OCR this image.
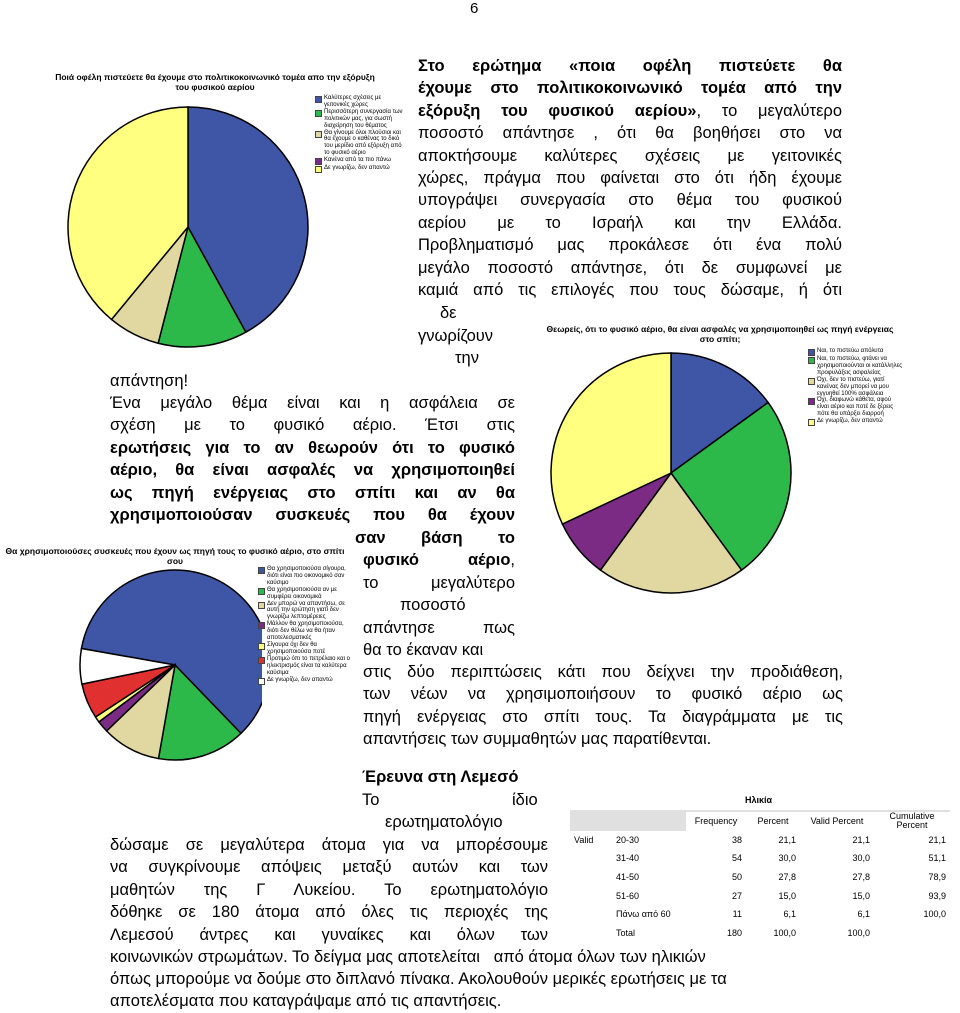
6
Ποιά οφέλη πιστεύετε θα έχουμε στο πολιτικοκοινωνικό τομέα απο την εξόρυξη του φυσικού αερίου
Καλύτερες σχέσεις με γειτονικές χώρες
Περισσότερη συνεργασία των πολιτικών μας, για σωστή διαχείρηση του θέματος
Θα γίνουμε όλοι πλούσιοι και θα έχουμε ο καθένας το δικό του μερίδιο από εξόρυξη από το φυσικό αέριο
Κανένα από τα πιο πάνω
Δε γνωρίζω, δεν απαντώ
Στο ερώτημα «ποια οφέλη πιστεύετε θα
έχουμε στο πολιτικοκοινωνικό τομέα από την
εξόρυξη του φυσικού αερίου», το μεγαλύτερο
ποσοστό απάντησε , ότι θα βοηθήσει στο να
αποκτήσουμε καλύτερες σχέσεις με γειτονικές
χώρες, πράγμα που φαίνεται στο ότι ήδη έχουμε
υπογράψει συνεργασία στο θέμα του φυσικού
αερίου με το Ισραήλ και την Ελλάδα.
Προβληματισμό μας προκάλεσε ότι ένα πολύ
μεγάλο ποσοστό απάντησε, ότι δε συμφωνεί με
καμιά από τις επιλογές που τους δώσαμε, ή ότι
δε
γνωρίζουν
την
απάντηση!
Θεωρείς, ότι το φυσικό αέριο, θα είναι ασφαλές να χρησιμοποιηθεί ως πηγή ενέργειας στο σπίτι;
Ναι, το πιστεύω απόλυτα
Ναι, το πιστεύω, φτάνει να χρησιμοποιούνται οι κατάλληλες προφυλάξεις ασφαλείας
Όχι, δεν το πιστεύω, γιατί κανένας δεν μπορεί να μου εγγυηθεί 100% ασφάλεια
Όχι, διαφωνώ κάθετα, αφού είναι αέριο και ποτέ δε ξέρεις πότε θα υπάρξει διαρροή
Δε γνωρίζω, δεν απαντώ
Ένα μεγάλο θέμα είναι και η ασφάλεια σε
σχέση με το φυσικό αέριο. Έτσι στις
ερωτήσεις για το αν θεωρούν ότι το φυσικό
αέριο, θα είναι ασφαλές να χρησιμοποιηθεί
ως πηγή ενέργειας στο σπίτι και αν θα
χρησιμοποιούσαν συσκευές που θα έχουν
σαν βάση το
φυσικό αέριο,
το μεγαλύτερο
ποσοστό
απάντησε πως
θα το έκαναν και
στις δύο περιπτώσεις κάτι που δείχνει την προδιάθεση,
των νέων να χρησιμοποιήσουν το φυσικό αέριο ως
πηγή ενέργειας στο σπίτι τους. Τα διαγράμματα με τις
απαντήσεις των συμμαθητών μας παρατίθενται.
Θα χρησιμοποιούσες συσκευές που έχουν ως πηγή τους το φυσικό αέριο, στο σπίτι σου
Θα χρησιμοποιούσα σίγουρα, διότι είναι πιο οικονομικό σαν καύσιμο
Θα χρησιμοποιούσα αν με συμφέρει οικονομικά
Δεν μπορώ να απαντήσω, σε αυτή την ερώτηση γιατί δεν γνωρίζω λεπτομέρειες
Μάλλον θα χρησιμοποιούσα, διότι δεν θέλω να θα ήταν αποτελεσματικές
Σίγουρα όχι δεν θα χρησιμοποιούσα ποτέ
Προτιμώ όπι το πετρέλαιο και ο ηλεκτρισμός είναι τα καλύτερα καύσιμα
Δε γνωρίζω, δεν απαντώ
Έρευνα στη Λεμεσό
Το	ίδιο
ερωτηματολόγιο
δώσαμε σε μεγαλύτερα άτομα για να μπορέσουμε
να συγκρίνουμε απόψεις μεταξύ αυτών και των
μαθητών της Γ Λυκείου. Το ερωτηματολόγιο
δόθηκε σε 180 άτομα από όλες τις περιοχές της
Λεμεσού άντρες και γυναίκες και όλων των
κοινωνικών στρωμάτων. Το δείγμα μας αποτελείται από άτομα όλων των ηλικιών
όπως μπορούμε να δούμε στο διπλανό πίνακα. Ακολουθούν μερικές ερωτήσεις με τα
αποτελέσματα που καταγράψαμε από τις απαντήσεις.
Ηλικία
		Frequency	Percent	Valid Percent	Cumulative Percent
Valid	20-30	38	21,1	21,1	21,1
	31-40	54	30,0	30,0	51,1
	41-50	50	27,8	27,8	78,9
	51-60	27	15,0	15,0	93,9
	Πάνω από 60	11	6,1	6,1	100,0
	Total	180	100,0	100,0	
